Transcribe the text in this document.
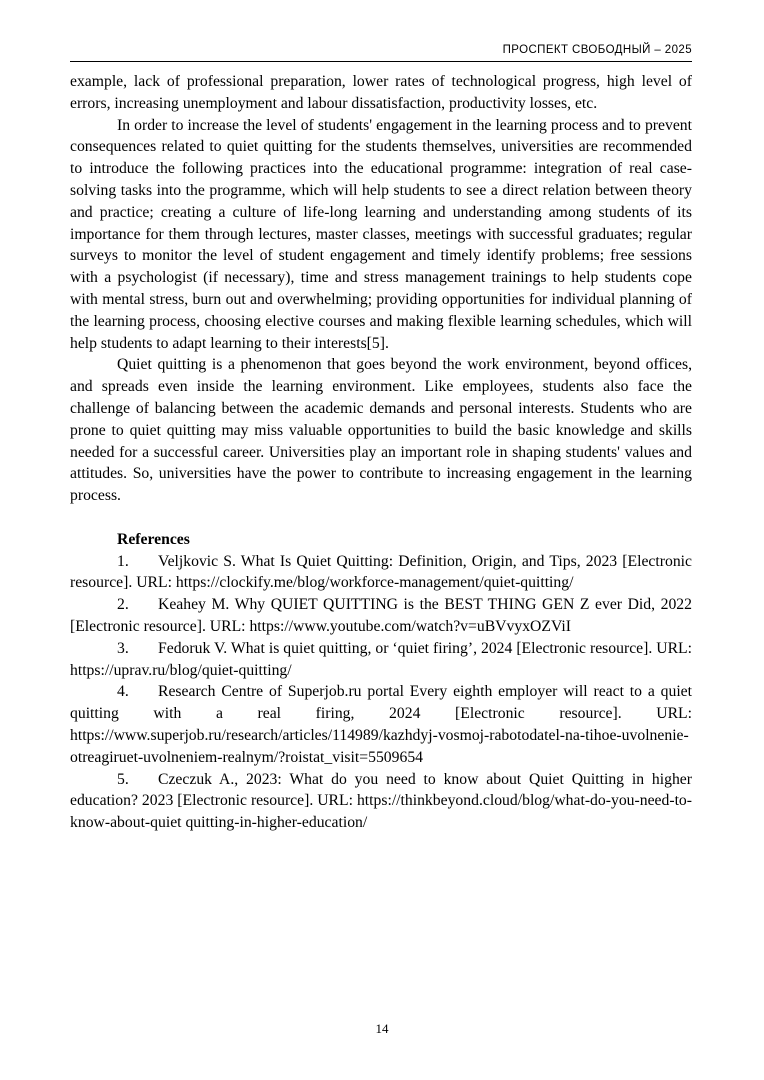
ПРОСПЕКТ СВОБОДНЫЙ – 2025

example, lack of professional preparation, lower rates of technological progress, high level of errors, increasing unemployment and labour dissatisfaction, productivity losses, etc.

In order to increase the level of students' engagement in the learning process and to prevent consequences related to quiet quitting for the students themselves, universities are recommended to introduce the following practices into the educational programme: integration of real case-solving tasks into the programme, which will help students to see a direct relation between theory and practice; creating a culture of life-long learning and understanding among students of its importance for them through lectures, master classes, meetings with successful graduates; regular surveys to monitor the level of student engagement and timely identify problems; free sessions with a psychologist (if necessary), time and stress management trainings to help students cope with mental stress, burn out and overwhelming; providing opportunities for individual planning of the learning process, choosing elective courses and making flexible learning schedules, which will help students to adapt learning to their interests[5].

Quiet quitting is a phenomenon that goes beyond the work environment, beyond offices, and spreads even inside the learning environment. Like employees, students also face the challenge of balancing between the academic demands and personal interests. Students who are prone to quiet quitting may miss valuable opportunities to build the basic knowledge and skills needed for a successful career. Universities play an important role in shaping students' values and attitudes. So, universities have the power to contribute to increasing engagement in the learning process.

References

1. Veljkovic S. What Is Quiet Quitting: Definition, Origin, and Tips, 2023 [Electronic resource]. URL: https://clockify.me/blog/workforce-management/quiet-quitting/

2. Keahey M. Why QUIET QUITTING is the BEST THING GEN Z ever Did, 2022 [Electronic resource]. URL: https://www.youtube.com/watch?v=uBVvyxOZViI

3. Fedoruk V. What is quiet quitting, or ‘quiet firing’, 2024 [Electronic resource]. URL: https://uprav.ru/blog/quiet-quitting/

4. Research Centre of Superjob.ru portal Every eighth employer will react to a quiet quitting with a real firing, 2024 [Electronic resource]. URL: https://www.superjob.ru/research/articles/114989/kazhdyj-vosmoj-rabotodatel-na-tihoe-uvolnenie-otreagiruet-uvolneniem-realnym/?roistat_visit=5509654

5. Czeczuk A., 2023: What do you need to know about Quiet Quitting in higher education? 2023 [Electronic resource]. URL: https://thinkbeyond.cloud/blog/what-do-you-need-to-know-about-quiet quitting-in-higher-education/

14
